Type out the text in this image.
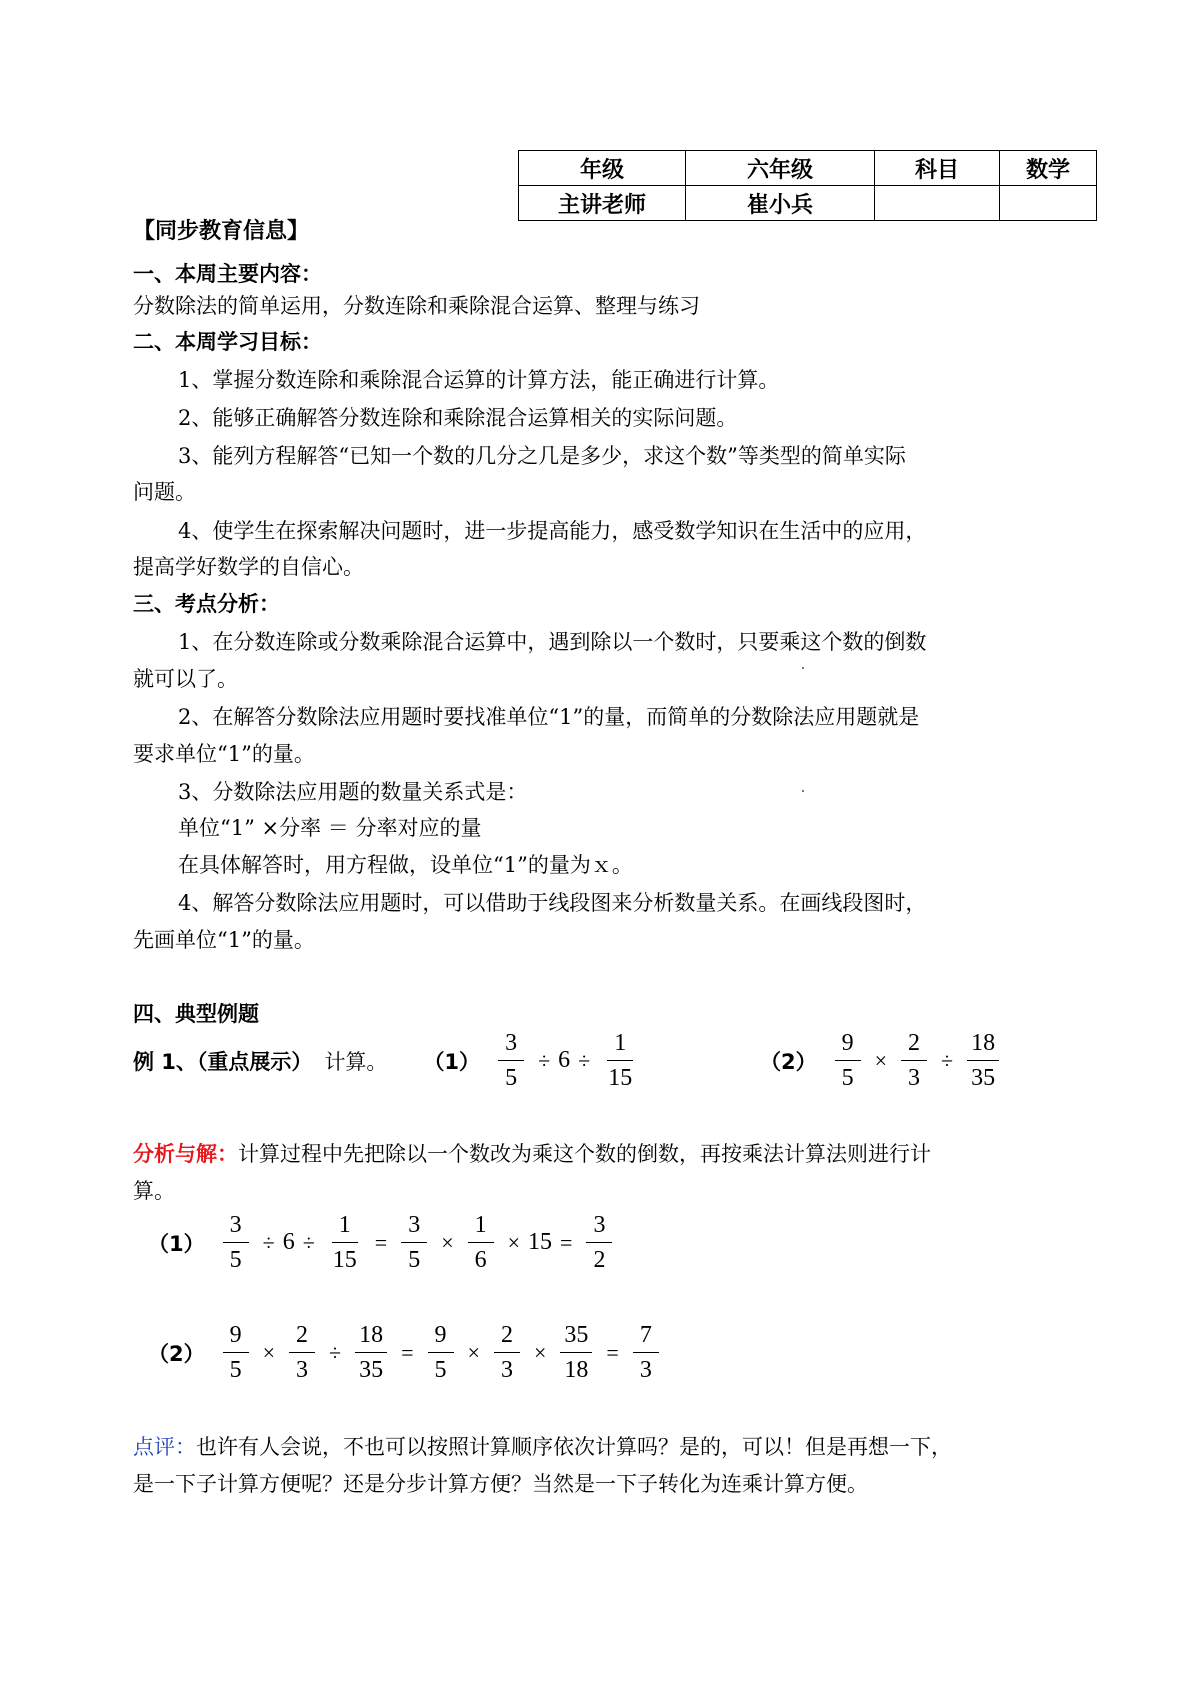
年级	六年级	科目	数学
主讲老师	崔小兵		
【同步教育信息】
一、本周主要内容：
分数除法的简单运用，分数连除和乘除混合运算、整理与练习
二、本周学习目标：
1、掌握分数连除和乘除混合运算的计算方法，能正确进行计算。
2、能够正确解答分数连除和乘除混合运算相关的实际问题。
3、能列方程解答“已知一个数的几分之几是多少，求这个数”等类型的简单实际
问题。
4、使学生在探索解决问题时，进一步提高能力，感受数学知识在生活中的应用，
提高学好数学的自信心。
三、考点分析：
1、在分数连除或分数乘除混合运算中，遇到除以一个数时，只要乘这个数的倒数
就可以了。
2、在解答分数除法应用题时要找准单位“1”的量，而简单的分数除法应用题就是
要求单位“1”的量。
3、分数除法应用题的数量关系式是：
单位“1” ×分率 ＝ 分率对应的量
在具体解答时，用方程做，设单位“1”的量为ｘ。
4、解答分数除法应用题时，可以借助于线段图来分析数量关系。在画线段图时，
先画单位“1”的量。
四、典型例题
例 1、（重点展示） 计算。 $(1) \frac{3}{5} \div 6 \div \frac{1}{15}$	$(2) \frac{9}{5} \times \frac{2}{3} \div \frac{18}{35}$
分析与解：计算过程中先把除以一个数改为乘这个数的倒数，再按乘法计算法则进行计
算。
$(1) \frac{3}{5} \div 6 \div \frac{1}{15} = \frac{3}{5} \times \frac{1}{6} \times 15 = \frac{3}{2}$
$(2) \frac{9}{5} \times \frac{2}{3} \div \frac{18}{35} = \frac{9}{5} \times \frac{2}{3} \times \frac{35}{18} = \frac{7}{3}$
点评：也许有人会说，不也可以按照计算顺序依次计算吗？是的，可以！但是再想一下，
是一下子计算方便呢？还是分步计算方便？当然是一下子转化为连乘计算方便。
